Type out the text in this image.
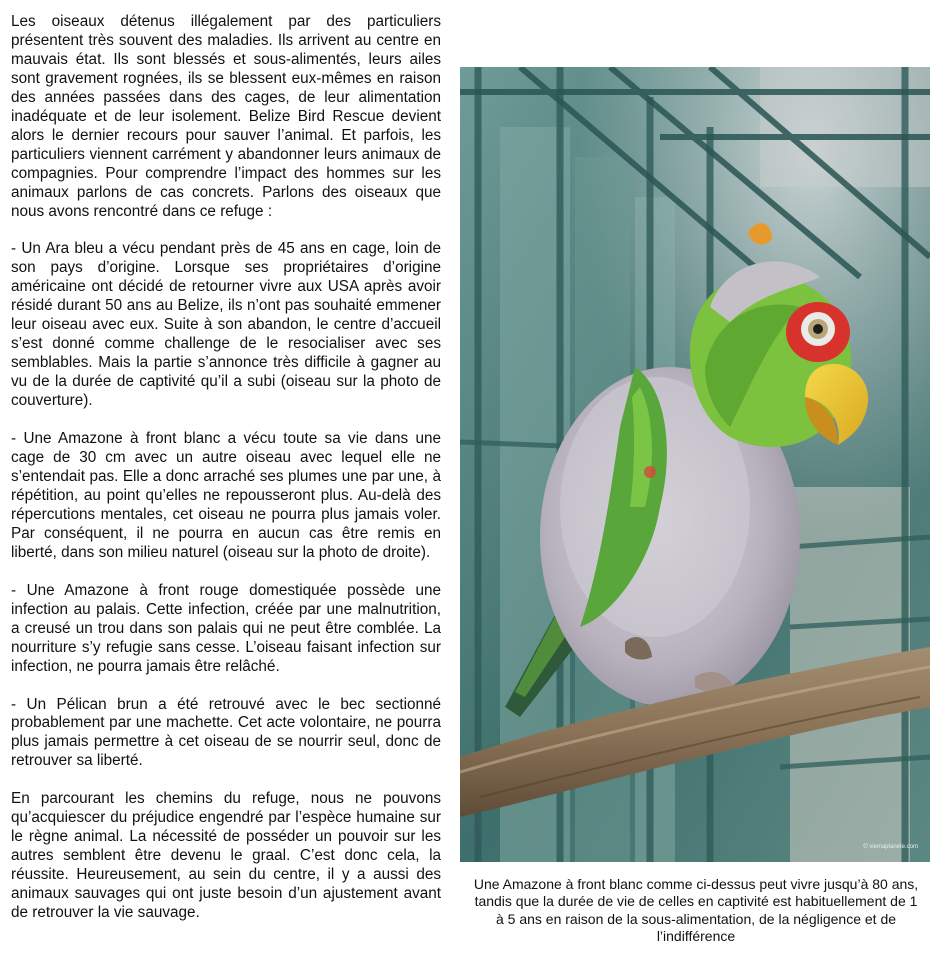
Les oiseaux détenus illégalement par des particuliers présentent très souvent des maladies. Ils arrivent au centre en mauvais état. Ils sont blessés et sous-alimentés, leurs ailes sont gravement rognées, ils se blessent eux-mêmes en raison des années passées dans des cages, de leur alimentation inadéquate et de leur isolement. Belize Bird Rescue devient alors le dernier recours pour sauver l’animal. Et parfois, les particuliers viennent carrément y abandonner leurs animaux de compagnies. Pour comprendre l’impact des hommes sur les animaux parlons de cas concrets. Parlons des oiseaux que nous avons rencontré dans ce refuge :

- Un Ara bleu a vécu pendant près de 45 ans en cage, loin de son pays d’origine. Lorsque ses propriétaires d’origine américaine ont décidé de retourner vivre aux USA après avoir résidé durant 50 ans au Belize, ils n’ont pas souhaité emmener leur oiseau avec eux. Suite à son abandon, le centre d’accueil s’est donné comme challenge de le resocialiser avec ses semblables. Mais la partie s’annonce très difficile à gagner au vu de la durée de captivité qu’il a subi (oiseau sur la photo de couverture).

- Une Amazone à front blanc a vécu toute sa vie dans une cage de 30 cm avec un autre oiseau avec lequel elle ne s’entendait pas. Elle a donc arraché ses plumes une par une, à répétition, au point qu’elles ne repousseront plus. Au-delà des répercutions mentales, cet oiseau ne pourra plus jamais voler. Par conséquent, il ne pourra en aucun cas être remis en liberté, dans son milieu naturel (oiseau sur la photo de droite).

- Une Amazone à front rouge domestiquée possède une infection au palais. Cette infection, créée par une malnutrition, a creusé un trou dans son palais qui ne peut être comblée. La nourriture s’y refugie sans cesse. L’oiseau faisant infection sur infection, ne pourra jamais être relâché.

- Un Pélican brun a été retrouvé avec le bec sectionné probablement par une machette. Cet acte volontaire, ne pourra plus jamais permettre à cet oiseau de se nourrir seul, donc de retrouver sa liberté.

En parcourant les chemins du refuge, nous ne pouvons qu’acquiescer du préjudice engendré par l’espèce humaine sur le règne animal. La nécessité de posséder un pouvoir sur les autres semblent être devenu le graal. C’est donc cela, la réussite. Heureusement, au sein du centre, il y a aussi des animaux sauvages qui ont juste besoin d’un ajustement avant de retrouver la vie sauvage.

© viemaplanete.com
Une Amazone à front blanc comme ci-dessus peut vivre jusqu’à 80 ans, tandis que la durée de vie de celles en captivité est habituellement de 1 à 5 ans en raison de la sous-alimentation, de la négligence et de l’indifférence
